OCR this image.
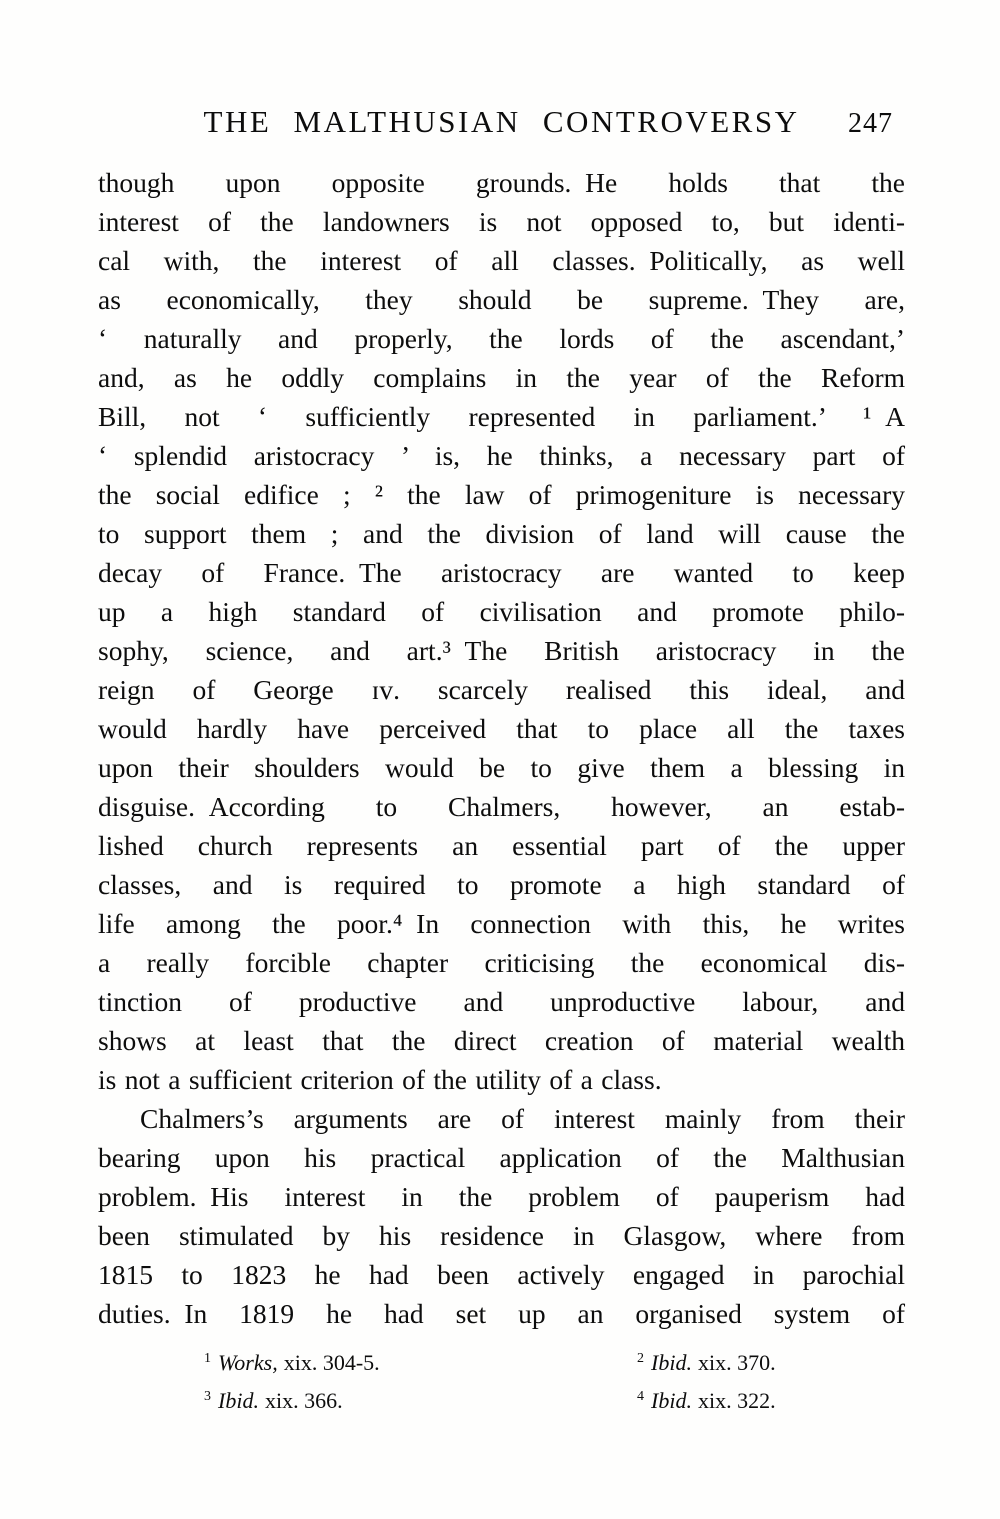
THE MALTHUSIAN CONTROVERSY 247
though upon opposite grounds. He holds that the
interest of the landowners is not opposed to, but identi-
cal with, the interest of all classes. Politically, as well
as economically, they should be supreme. They are,
‘ naturally and properly, the lords of the ascendant,’
and, as he oddly complains in the year of the Reform
Bill, not ‘ sufficiently represented in parliament.’ ¹ A
‘ splendid aristocracy ’ is, he thinks, a necessary part of
the social edifice ; ² the law of primogeniture is necessary
to support them ; and the division of land will cause the
decay of France. The aristocracy are wanted to keep
up a high standard of civilisation and promote philo-
sophy, science, and art.³ The British aristocracy in the
reign of George ɪᴠ. scarcely realised this ideal, and
would hardly have perceived that to place all the taxes
upon their shoulders would be to give them a blessing in
disguise. According to Chalmers, however, an estab-
lished church represents an essential part of the upper
classes, and is required to promote a high standard of
life among the poor.⁴ In connection with this, he writes
a really forcible chapter criticising the economical dis-
tinction of productive and unproductive labour, and
shows at least that the direct creation of material wealth
is not a sufficient criterion of the utility of a class.
Chalmers’s arguments are of interest mainly from their
bearing upon his practical application of the Malthusian
problem. His interest in the problem of pauperism had
been stimulated by his residence in Glasgow, where from
1815 to 1823 he had been actively engaged in parochial
duties. In 1819 he had set up an organised system of
$^1$ Works, xix. 304-5.
$^3$ Ibid. xix. 366.
$^2$ Ibid. xix. 370.
$^4$ Ibid. xix. 322.
